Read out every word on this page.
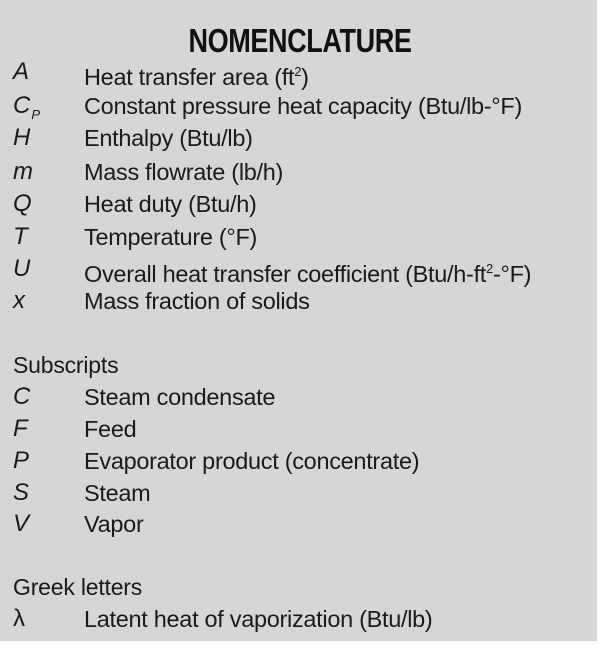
NOMENCLATURE
A Heat transfer area $(ft^2)$
$C_P$ Constant pressure heat capacity (Btu/lb-°F)
H Enthalpy (Btu/lb)
m Mass flowrate (lb/h)
Q Heat duty (Btu/h)
T Temperature (°F)
U Overall heat transfer coefficient $(Btu/h-ft^2-^\circ F)$
x	Mass fraction of solids
Subscripts
C Steam condensate
F Feed
P Evaporator product (concentrate)
S Steam
V Vapor
Greek letters
λ	Latent heat of vaporization (Btu/lb)
